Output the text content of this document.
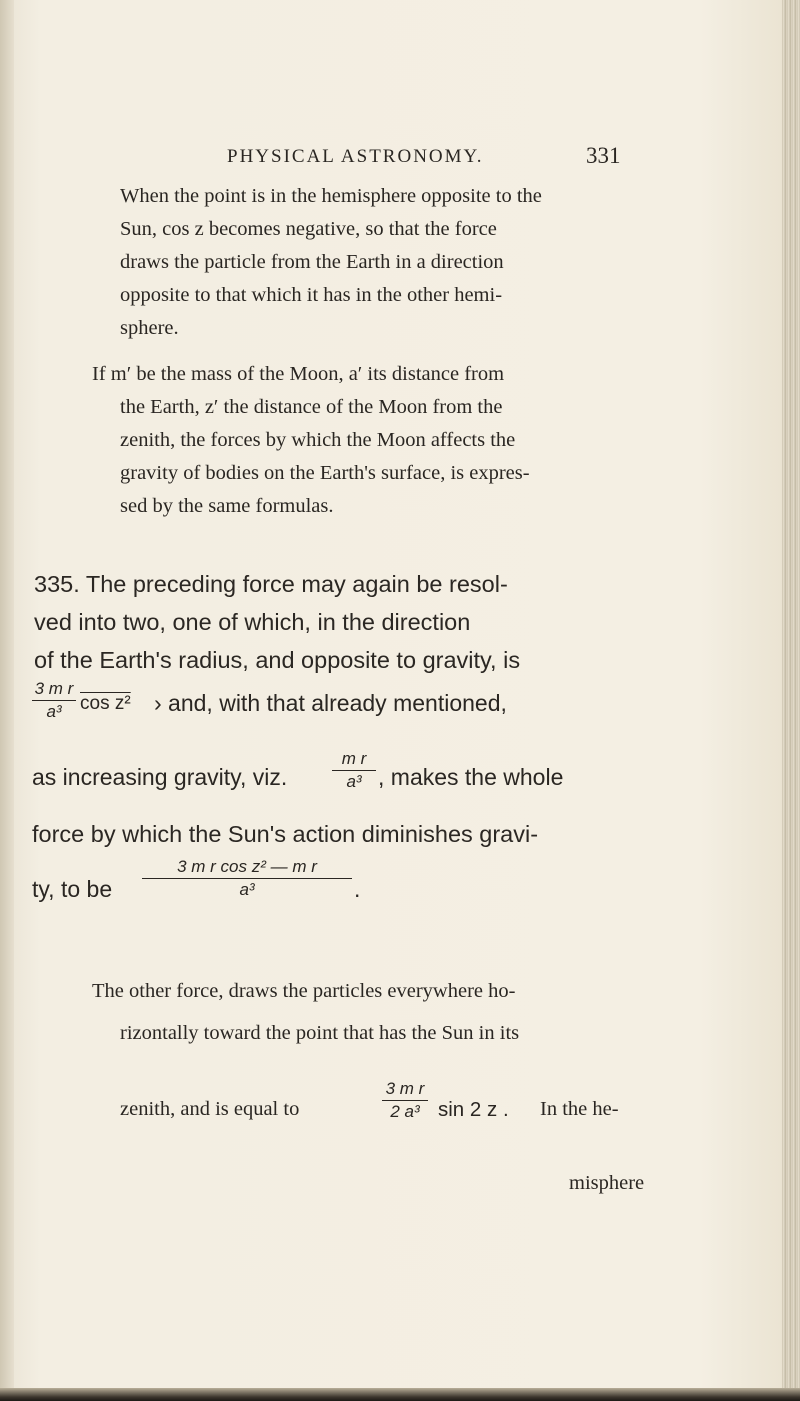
PHYSICAL ASTRONOMY.	331
When the point is in the hemisphere opposite to the
Sun, cos z becomes negative, so that the force
draws the particle from the Earth in a direction
opposite to that which it has in the other hemi-
sphere.
If m′ be the mass of the Moon, a′ its distance from
the Earth, z′ the distance of the Moon from the
zenith, the forces by which the Moon affects the
gravity of bodies on the Earth's surface, is expres-
sed by the same formulas.
335. The preceding force may again be resol-
ved into two, one of which, in the direction
of the Earth's radius, and opposite to gravity, is
3 m r
a³ cos z² › and, with that already mentioned,
as increasing gravity, viz.
m r
a³ , makes the whole
force by which the Sun's action diminishes gravi-
ty, to be
3 m r cos z² — m r
a³	.
The other force, draws the particles everywhere ho-
rizontally toward the point that has the Sun in its
zenith, and is equal to
3 m r
2 a³ sin 2 z . In the he-
misphere
